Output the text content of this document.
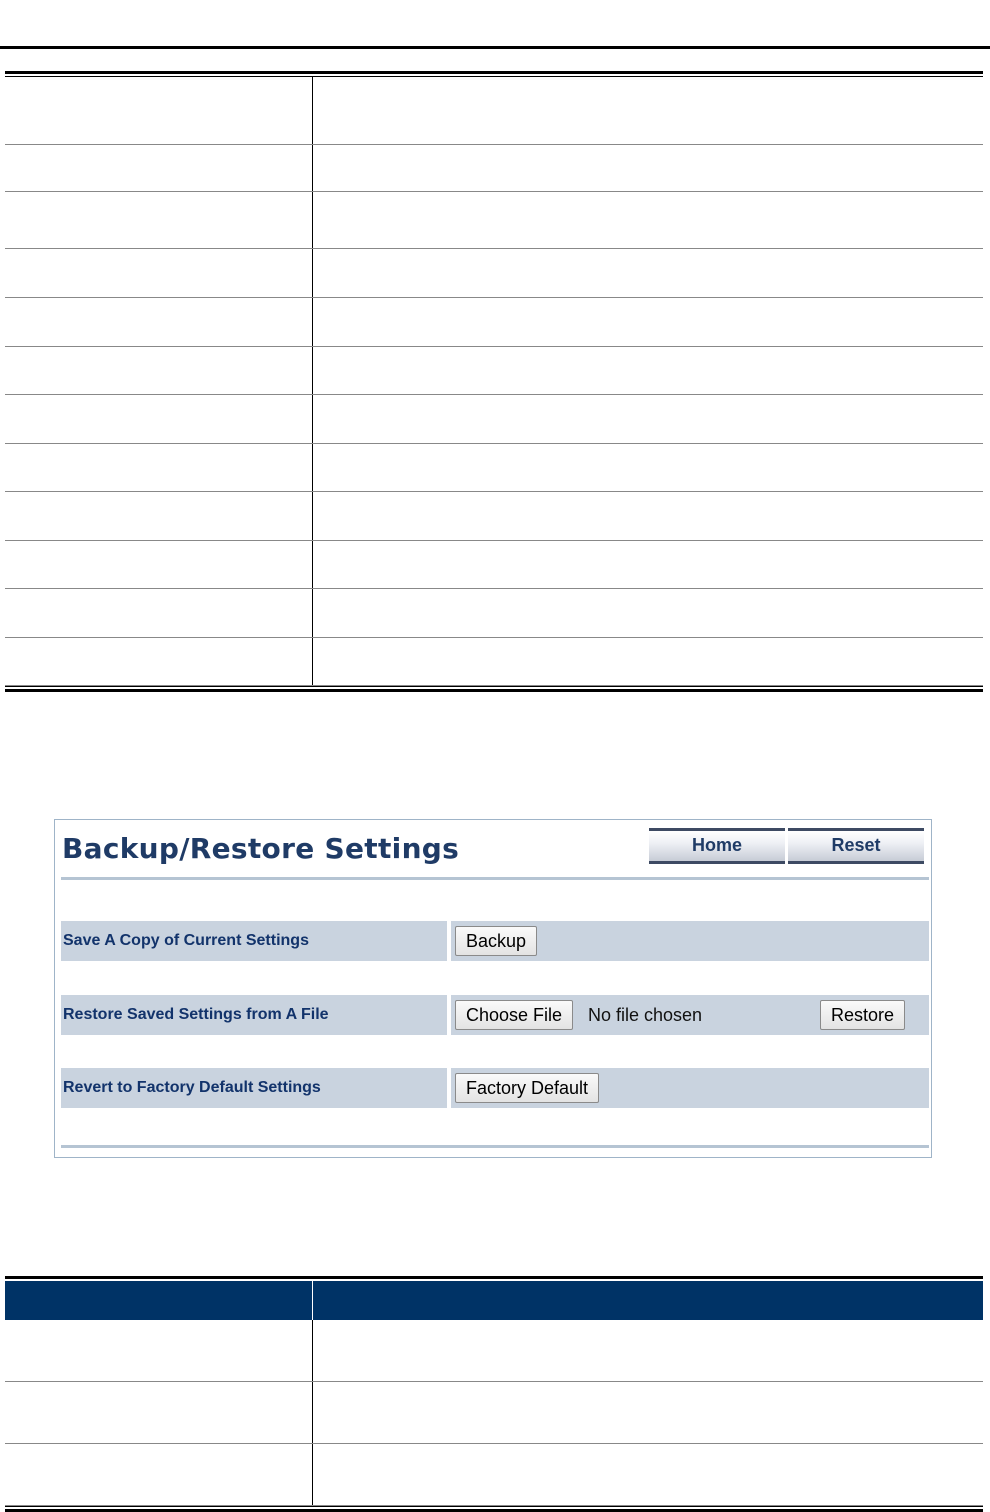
Backup/Restore Settings	Home	Reset
Save A Copy of Current Settings	Backup
Restore Saved Settings from A File	Choose File	No file chosen	Restore
Revert to Factory Default Settings	Factory Default
